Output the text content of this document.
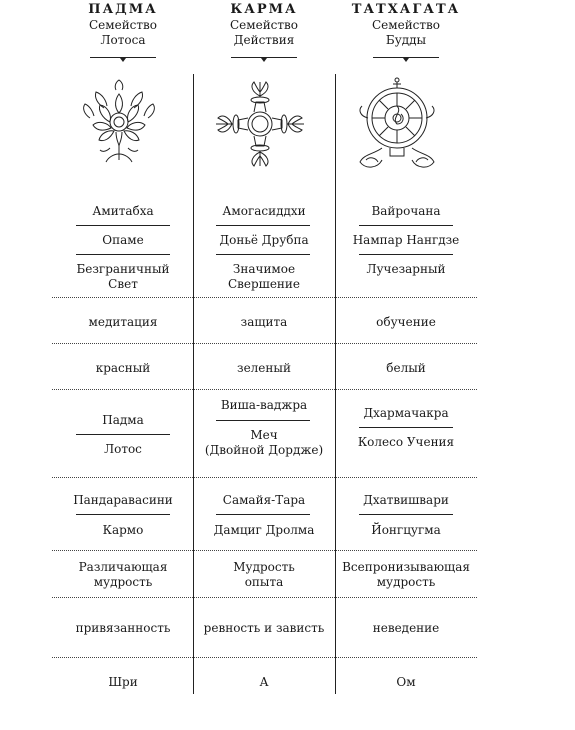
ПАДМА
Семейство
Лотоса
КАРМА
Семейство
Действия
ТАТХАГАТА
Семейство
Будды
Амитабха
Опаме
Безграничный
Свет
медитация
красный
Падма
Лотос
Пандаравасини
Кармо
Различающая
мудрость
привязанность
Шри
Амогасиддхи
Доньё Друбпа
Значимое
Свершение
защита
зеленый
Виша-ваджра
Меч
(Двойной Дордже)
Самайя-Тара
Дамциг Дролма
Мудрость
опыта
ревность и зависть
А
Вайрочана
Нампар Нангдзе
Лучезарный
обучение
белый
Дхармачакра
Колесо Учения
Дхатвишвари
Йонгцугма
Всепронизывающая
мудрость
неведение
Ом
